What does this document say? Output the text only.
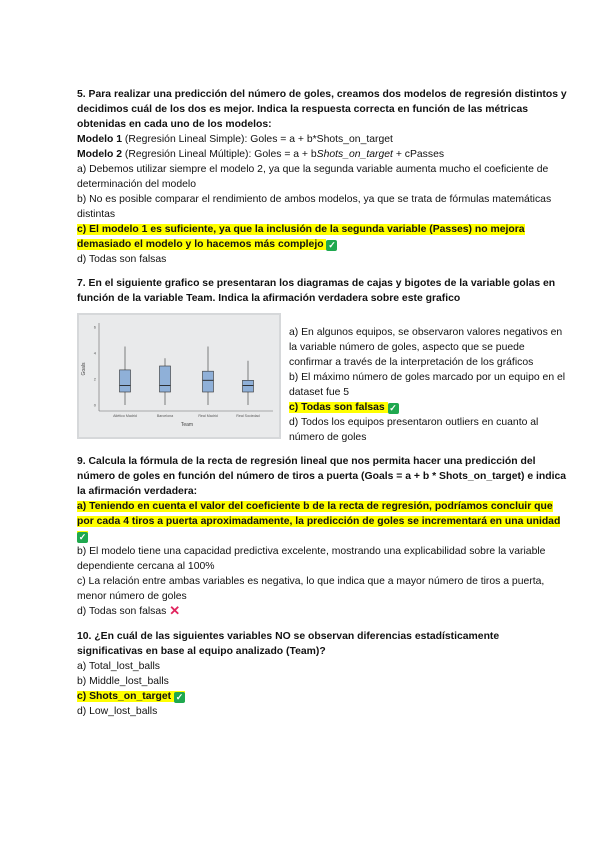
5. Para realizar una predicción del número de goles, creamos dos modelos de regresión distintos y

decidimos cuál de los dos es mejor. Indica la respuesta correcta en función de las métricas

obtenidas en cada uno de los modelos:

Modelo 1 (Regresión Lineal Simple): Goles = a + b*Shots_on_target

Modelo 2 (Regresión Lineal Múltiple): Goles = a + bShots_on_target + cPasses

a) Debemos utilizar siempre el modelo 2, ya que la segunda variable aumenta mucho el coeficiente de

determinación del modelo

b) No es posible comparar el rendimiento de ambos modelos, ya que se trata de fórmulas matemáticas

distintas

c) El modelo 1 es suficiente, ya que la inclusión de la segunda variable (Passes) no mejora

demasiado el modelo y lo hacemos más complejo ✓

d) Todas son falsas

7. En el siguiente grafico se presentaran los diagramas de cajas y bigotes de la variable golas en

función de la variable Team. Indica la afirmación verdadera sobre este grafico

Goals
Team
0
2
4
6
Atlético Madrid	Barcelona	Real Madrid	Real Sociedad

a) En algunos equipos, se observaron valores negativos en

la variable número de goles, aspecto que se puede

confirmar a través de la interpretación de los gráficos

b) El máximo número de goles marcado por un equipo en el

dataset fue 5

c) Todas son falsas ✓

d) Todos los equipos presentaron outliers en cuanto al

número de goles

9. Calcula la fórmula de la recta de regresión lineal que nos permita hacer una predicción del

número de goles en función del número de tiros a puerta (Goals = a + b * Shots_on_target) e indica

la afirmación verdadera:

a) Teniendo en cuenta el valor del coeficiente b de la recta de regresión, podríamos concluir que

por cada 4 tiros a puerta aproximadamente, la predicción de goles se incrementará en una unidad

✓

b) El modelo tiene una capacidad predictiva excelente, mostrando una explicabilidad sobre la variable

dependiente cercana al 100%

c) La relación entre ambas variables es negativa, lo que indica que a mayor número de tiros a puerta,

menor número de goles

d) Todas son falsas ✕

10. ¿En cuál de las siguientes variables NO se observan diferencias estadísticamente

significativas en base al equipo analizado (Team)?

a) Total_lost_balls

b) Middle_lost_balls

c) Shots_on_target ✓

d) Low_lost_balls
